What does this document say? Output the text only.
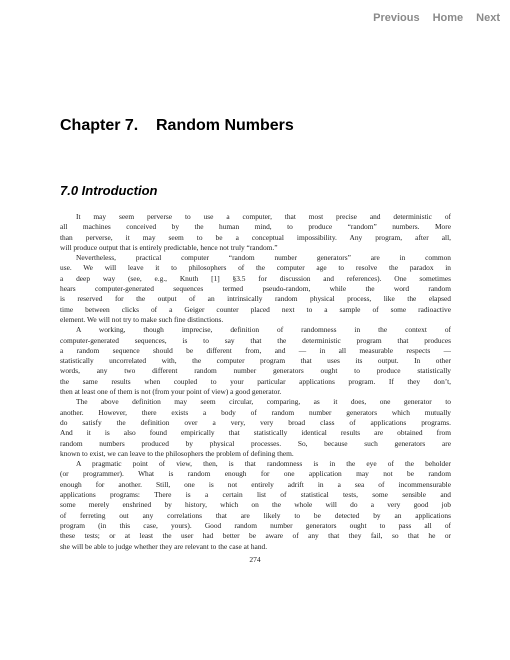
Previous Home Next
Chapter 7. Random Numbers
7.0 Introduction
It may seem perverse to use a computer, that most precise and deterministic of
all machines conceived by the human mind, to produce “random” numbers. More
than perverse, it may seem to be a conceptual impossibility. Any program, after all,
will produce output that is entirely predictable, hence not truly “random.”
Nevertheless, practical computer “random number generators” are in common
use. We will leave it to philosophers of the computer age to resolve the paradox in
a deep way (see, e.g., Knuth [1] §3.5 for discussion and references). One sometimes
hears computer-generated sequences termed pseudo-random, while the word random
is reserved for the output of an intrinsically random physical process, like the elapsed
time between clicks of a Geiger counter placed next to a sample of some radioactive
element. We will not try to make such fine distinctions.
A working, though imprecise, definition of randomness in the context of
computer-generated sequences, is to say that the deterministic program that produces
a random sequence should be different from, and — in all measurable respects —
statistically uncorrelated with, the computer program that uses its output. In other
words, any two different random number generators ought to produce statistically
the same results when coupled to your particular applications program. If they don’t,
then at least one of them is not (from your point of view) a good generator.
The above definition may seem circular, comparing, as it does, one generator to
another. However, there exists a body of random number generators which mutually
do satisfy the definition over a very, very broad class of applications programs.
And it is also found empirically that statistically identical results are obtained from
random numbers produced by physical processes. So, because such generators are
known to exist, we can leave to the philosophers the problem of defining them.
A pragmatic point of view, then, is that randomness is in the eye of the beholder
(or programmer). What is random enough for one application may not be random
enough for another. Still, one is not entirely adrift in a sea of incommensurable
applications programs: There is a certain list of statistical tests, some sensible and
some merely enshrined by history, which on the whole will do a very good job
of ferreting out any correlations that are likely to be detected by an applications
program (in this case, yours). Good random number generators ought to pass all of
these tests; or at least the user had better be aware of any that they fail, so that he or
she will be able to judge whether they are relevant to the case at hand.
274
